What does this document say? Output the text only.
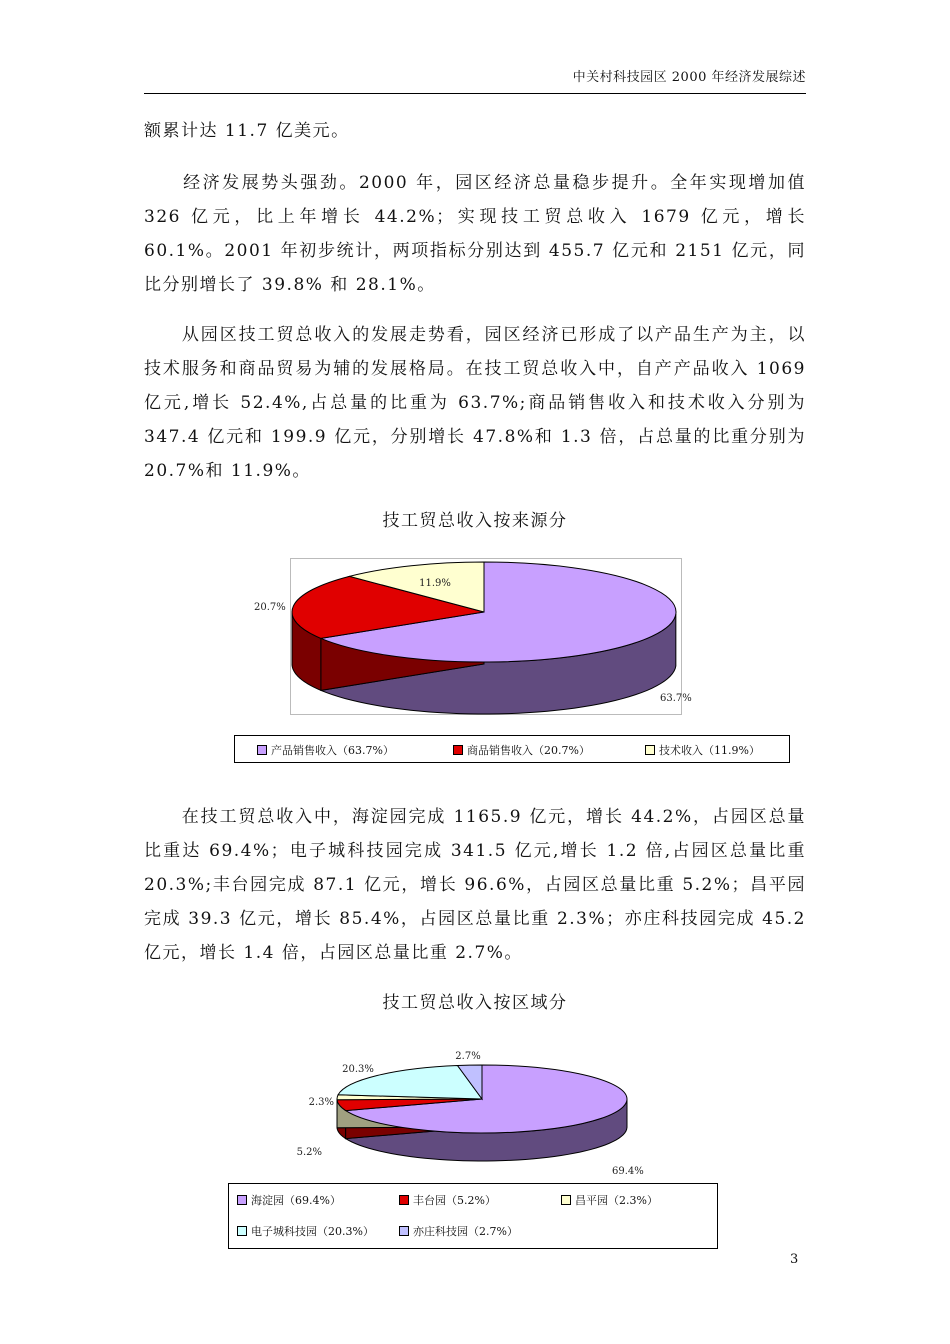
中关村科技园区 2000 年经济发展综述

额累计达 11.7 亿美元。

　　经济发展势头强劲。2000 年，园区经济总量稳步提升。全年实现增加值 326 亿元，比上年增长 44.2%；实现技工贸总收入 1679 亿元，增长 60.1%。2001 年初步统计，两项指标分别达到 455.7 亿元和 2151 亿元，同比分别增长了 39.8% 和 28.1%。

　　从园区技工贸总收入的发展走势看，园区经济已形成了以产品生产为主，以技术服务和商品贸易为辅的发展格局。在技工贸总收入中，自产产品收入 1069 亿元,增长 52.4%,占总量的比重为 63.7%;商品销售收入和技术收入分别为 347.4 亿元和 199.9 亿元，分别增长 47.8%和 1.3 倍，占总量的比重分别为 20.7%和 11.9%。

技工贸总收入按来源分
63.7%
20.7%
11.9%
产品销售收入（63.7%）	商品销售收入（20.7%）	技术收入（11.9%）

　　在技工贸总收入中，海淀园完成 1165.9 亿元，增长 44.2%，占园区总量比重达 69.4%；电子城科技园完成 341.5 亿元,增长 1.2 倍,占园区总量比重 20.3%;丰台园完成 87.1 亿元，增长 96.6%，占园区总量比重 5.2%；昌平园完成 39.3 亿元，增长 85.4%，占园区总量比重 2.3%；亦庄科技园完成 45.2 亿元，增长 1.4 倍，占园区总量比重 2.7%。

技工贸总收入按区域分
69.4%
5.2%
2.3%
20.3%
2.7%
海淀园（69.4%）	丰台园（5.2%）	昌平园（2.3%）
电子城科技园（20.3%）	亦庄科技园（2.7%）
3
